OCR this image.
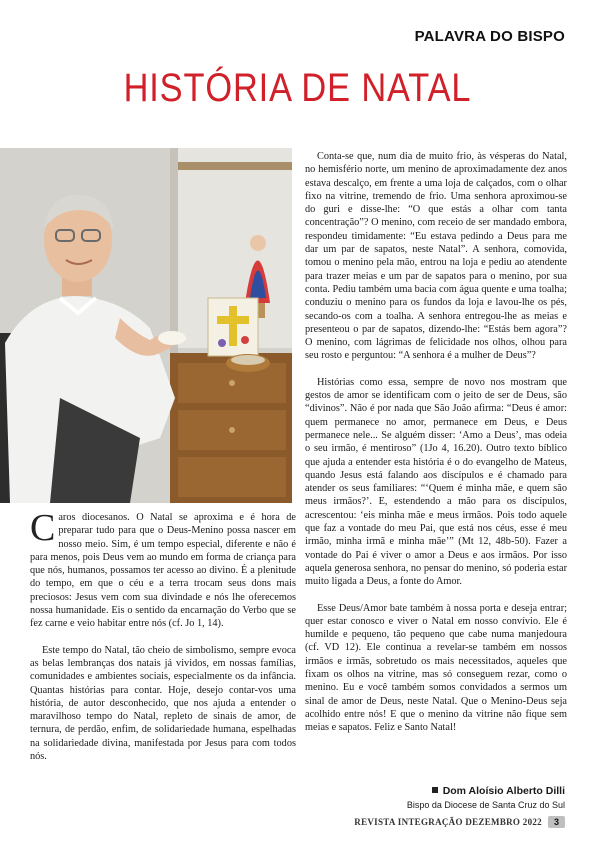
PALAVRA DO BISPO
HISTÓRIA DE NATAL

Caros diocesanos. O Natal se aproxima e é hora de preparar tudo para que o Deus-Menino possa nascer em nosso meio. Sim, é um tempo especial, diferente e não é para menos, pois Deus vem ao mundo em forma de criança para que nós, humanos, possamos ter acesso ao divino. É a plenitude do tempo, em que o céu e a terra trocam seus dons mais preciosos: Jesus vem com sua divindade e nós lhe oferecemos nossa humanidade. Eis o sentido da encarnação do Verbo que se fez carne e veio habitar entre nós (cf. Jo 1, 14).

Este tempo do Natal, tão cheio de simbolismo, sempre evoca as belas lembranças dos natais já vividos, em nossas famílias, comunidades e ambientes sociais, especialmente os da infância. Quantas histórias para contar. Hoje, desejo contar-vos uma história, de autor desconhecido, que nos ajuda a entender o maravilhoso tempo do Natal, repleto de sinais de amor, de ternura, de perdão, enfim, de solidariedade humana, espelhadas na solidariedade divina, manifestada por Jesus para com todos nós.

Conta-se que, num dia de muito frio, às vésperas do Natal, no hemisfério norte, um menino de aproximadamente dez anos estava descalço, em frente a uma loja de calçados, com o olhar fixo na vitrine, tremendo de frio. Uma senhora aproximou-se do guri e disse-lhe: “O que estás a olhar com tanta concentração”? O menino, com receio de ser mandado embora, respondeu timidamente: “Eu estava pedindo a Deus para me dar um par de sapatos, neste Natal”. A senhora, comovida, tomou o menino pela mão, entrou na loja e pediu ao atendente para trazer meias e um par de sapatos para o menino, por sua conta. Pediu também uma bacia com água quente e uma toalha; conduziu o menino para os fundos da loja e lavou-lhe os pés, secando-os com a toalha. A senhora entregou-lhe as meias e presenteou o par de sapatos, dizendo-lhe: “Estás bem agora”? O menino, com lágrimas de felicidade nos olhos, olhou para seu rosto e perguntou: “A senhora é a mulher de Deus”?

Histórias como essa, sempre de novo nos mostram que gestos de amor se identificam com o jeito de ser de Deus, são “divinos”. Não é por nada que São João afirma: “Deus é amor: quem permanece no amor, permanece em Deus, e Deus permanece nele... Se alguém disser: ‘Amo a Deus’, mas odeia o seu irmão, é mentiroso” (1Jo 4, 16.20). Outro texto bíblico que ajuda a entender esta história é o do evangelho de Mateus, quando Jesus está falando aos discípulos e é chamado para atender os seus familiares: “‘Quem é minha mãe, e quem são meus irmãos?’. E, estendendo a mão para os discípulos, acrescentou: ‘eis minha mãe e meus irmãos. Pois todo aquele que faz a vontade do meu Pai, que está nos céus, esse é meu irmão, minha irmã e minha mãe’” (Mt 12, 48b-50). Fazer a vontade do Pai é viver o amor a Deus e aos irmãos. Por isso aquela generosa senhora, no pensar do menino, só poderia estar muito ligada a Deus, a fonte do Amor.

Esse Deus/Amor bate também à nossa porta e deseja entrar; quer estar conosco e viver o Natal em nosso convívio. Ele é humilde e pequeno, tão pequeno que cabe numa manjedoura (cf. VD 12). Ele continua a revelar-se também em nossos irmãos e irmãs, sobretudo os mais necessitados, aqueles que fixam os olhos na vitrine, mas só conseguem rezar, como o menino. Eu e você também somos convidados a sermos um sinal de amor de Deus, neste Natal. Que o Menino-Deus seja acolhido entre nós! E que o menino da vitrine não fique sem meias e sapatos. Feliz e Santo Natal!

Dom Aloísio Alberto Dilli
Bispo da Diocese de Santa Cruz do Sul
REVISTA INTEGRAÇÃO DEZEMBRO 2022	3
